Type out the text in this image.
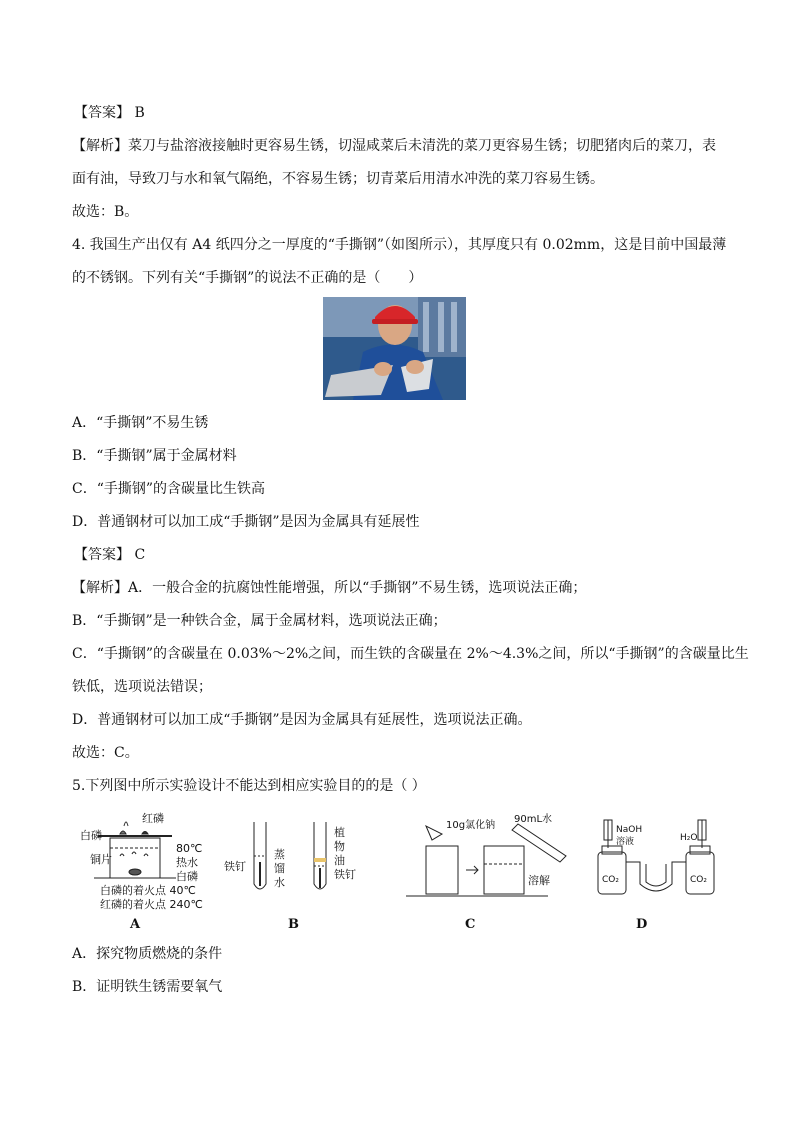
【答案】 B
【解析】菜刀与盐溶液接触时更容易生锈，切湿咸菜后未清洗的菜刀更容易生锈；切肥猪肉后的菜刀，表
面有油，导致刀与水和氧气隔绝，不容易生锈；切青菜后用清水冲洗的菜刀容易生锈。
故选：B。
4. 我国生产出仅有 A4 纸四分之一厚度的“手撕钢”（如图所示），其厚度只有 0.02mm，这是目前中国最薄
的不锈钢。下列有关“手撕钢”的说法不正确的是（　　）
A．“手撕钢”不易生锈
B．“手撕钢”属于金属材料
C．“手撕钢”的含碳量比生铁高
D．普通钢材可以加工成“手撕钢”是因为金属具有延展性
【答案】 C
【解析】A．一般合金的抗腐蚀性能增强，所以“手撕钢”不易生锈，选项说法正确；
B．“手撕钢”是一种铁合金，属于金属材料，选项说法正确；
C．“手撕钢”的含碳量在 0.03%～2%之间，而生铁的含碳量在 2%～4.3%之间，所以“手撕钢”的含碳量比生
铁低，选项说法错误；
D．普通钢材可以加工成“手撕钢”是因为金属具有延展性，选项说法正确。
故选：C。
5.下列图中所示实验设计不能达到相应实验目的的是（ ）
红磷
白磷
铜片
80℃
热水
白磷
白磷的着火点 40℃
红磷的着火点 240℃
A
铁钉
蒸
馏
水
植
物
油
铁钉
B
10g氯化钠
90mL水
溶解
C
NaOH
溶液	H₂O
CO₂	CO₂
D
A．探究物质燃烧的条件
B．证明铁生锈需要氧气
